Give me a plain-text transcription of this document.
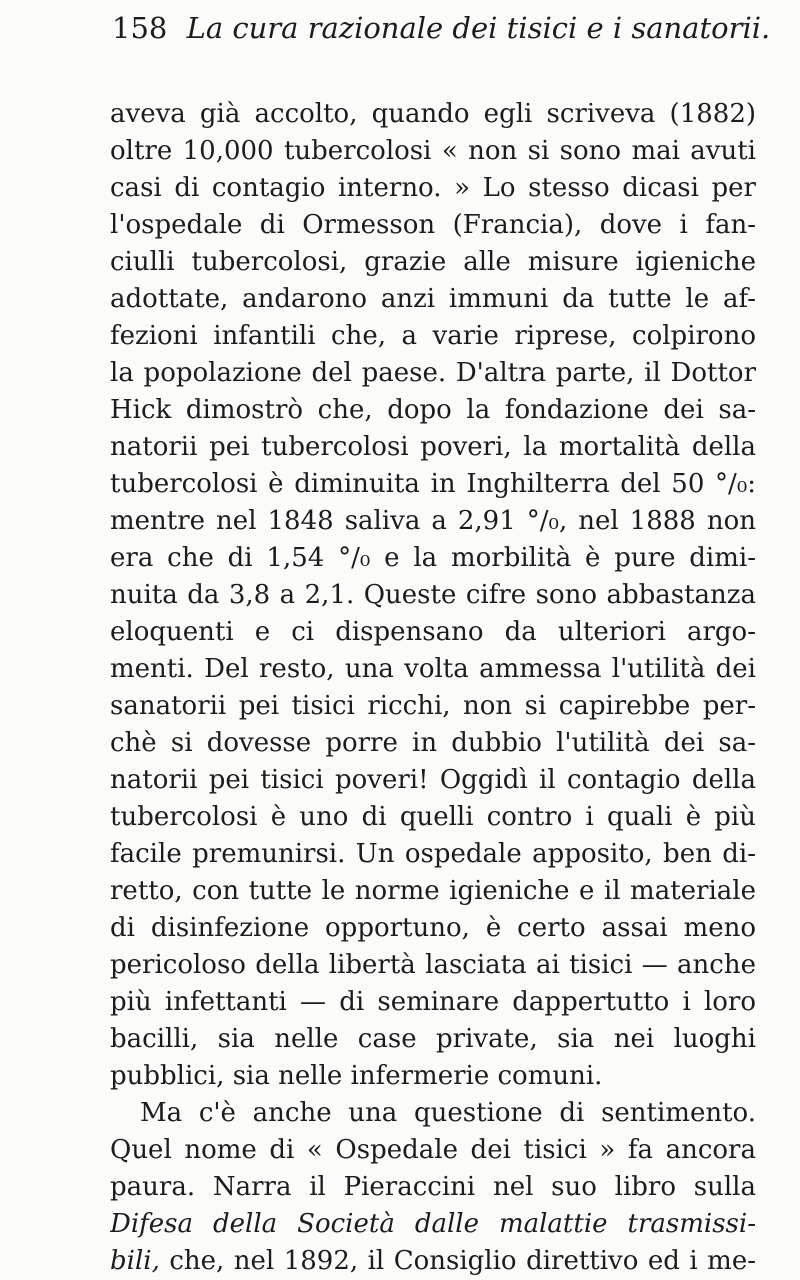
158 La cura razionale dei tisici e i sanatorii.
aveva già accolto, quando egli scriveva (1882)
oltre 10,000 tubercolosi « non si sono mai avuti
casi di contagio interno. » Lo stesso dicasi per
l'ospedale di Ormesson (Francia), dove i fan-
ciulli tubercolosi, grazie alle misure igieniche
adottate, andarono anzi immuni da tutte le af-
fezioni infantili che, a varie riprese, colpirono
la popolazione del paese. D'altra parte, il Dottor
Hick dimostrò che, dopo la fondazione dei sa-
natorii pei tubercolosi poveri, la mortalità della
tubercolosi è diminuita in Inghilterra del 50 °/₀:
mentre nel 1848 saliva a 2,91 °/₀, nel 1888 non
era che di 1,54 °/₀ e la morbilità è pure dimi-
nuita da 3,8 a 2,1. Queste cifre sono abbastanza
eloquenti e ci dispensano da ulteriori argo-
menti. Del resto, una volta ammessa l'utilità dei
sanatorii pei tisici ricchi, non si capirebbe per-
chè si dovesse porre in dubbio l'utilità dei sa-
natorii pei tisici poveri! Oggidì il contagio della
tubercolosi è uno di quelli contro i quali è più
facile premunirsi. Un ospedale apposito, ben di-
retto, con tutte le norme igieniche e il materiale
di disinfezione opportuno, è certo assai meno
pericoloso della libertà lasciata ai tisici — anche
più infettanti — di seminare dappertutto i loro
bacilli, sia nelle case private, sia nei luoghi
pubblici, sia nelle infermerie comuni.
Ma c'è anche una questione di sentimento.
Quel nome di « Ospedale dei tisici » fa ancora
paura. Narra il Pieraccini nel suo libro sulla
Difesa della Società dalle malattie trasmissi-
bili, che, nel 1892, il Consiglio direttivo ed i me-
